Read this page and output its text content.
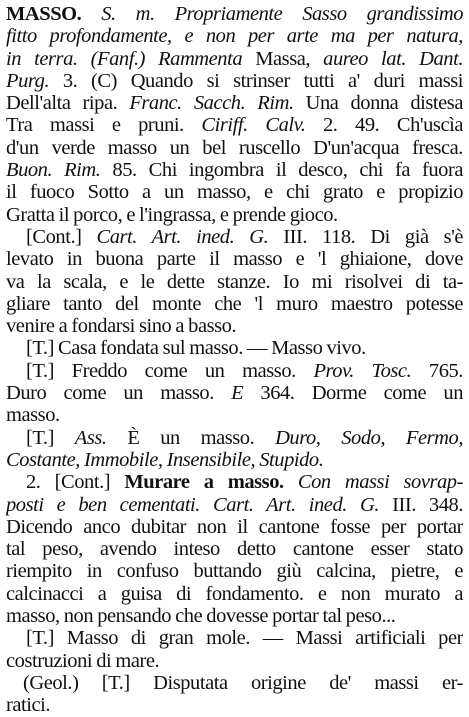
MASSO. S. m. Propriamente Sasso grandissimo
fitto profondamente, e non per arte ma per natura,
in terra. (Fanf.) Rammenta Massa, aureo lat. Dant.
Purg. 3. (C) Quando si strinser tutti a' duri massi
Dell'alta ripa. Franc. Sacch. Rim. Una donna distesa
Tra massi e pruni. Ciriff. Calv. 2. 49. Ch'uscìa
d'un verde masso un bel ruscello D'un'acqua fresca.
Buon. Rim. 85. Chi ingombra il desco, chi fa fuora
il fuoco Sotto a un masso, e chi grato e propizio
Gratta il porco, e l'ingrassa, e prende gioco.
[Cont.] Cart. Art. ined. G. III. 118. Di già s'è
levato in buona parte il masso e 'l ghiaione, dove
va la scala, e le dette stanze. Io mi risolvei di ta-
gliare tanto del monte che 'l muro maestro potesse
venire a fondarsi sino a basso.
[T.] Casa fondata sul masso. — Masso vivo.
[T.] Freddo come un masso. Prov. Tosc. 765.
Duro come un masso. E 364. Dorme come un
masso.
[T.] Ass. È un masso. Duro, Sodo, Fermo,
Costante, Immobile, Insensibile, Stupido.
2. [Cont.] Murare a masso. Con massi sovrap-
posti e ben cementati. Cart. Art. ined. G. III. 348.
Dicendo anco dubitar non il cantone fosse per portar
tal peso, avendo inteso detto cantone esser stato
riempito in confuso buttando giù calcina, pietre, e
calcinacci a guisa di fondamento. e non murato a
masso, non pensando che dovesse portar tal peso...
[T.] Masso di gran mole. — Massi artificiali per
costruzioni di mare.
(Geol.) [T.] Disputata origine de' massi er-
ratici.
